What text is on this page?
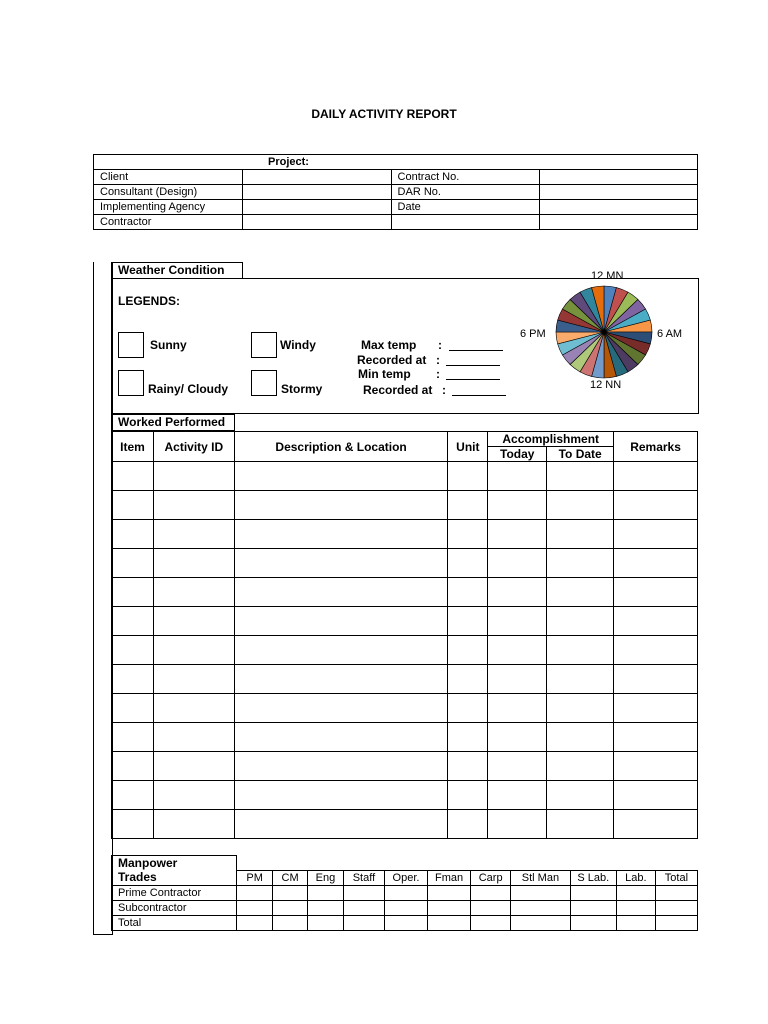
DAILY ACTIVITY REPORT
Project:			
Client		Contract No.	
Consultant (Design)		DAR No.	
Implementing Agency		Date	
Contractor			
Weather Condition
LEGENDS:
Sunny	Windy
Rainy/ Cloudy	Stormy
Max temp :
Recorded at :
Min temp :
Recorded at :
12 MN
6 PM	6 AM
12 NN
Worked Performed
Item	Activity ID	Description & Location	Unit	Accomplishment		Remarks
				Today	To Date	

Manpower											
Trades	PM	CM	Eng	Staff	Oper.	Fman	Carp	Stl Man	S Lab.	Lab.	Total
Prime Contractor											
Subcontractor											
Total											
